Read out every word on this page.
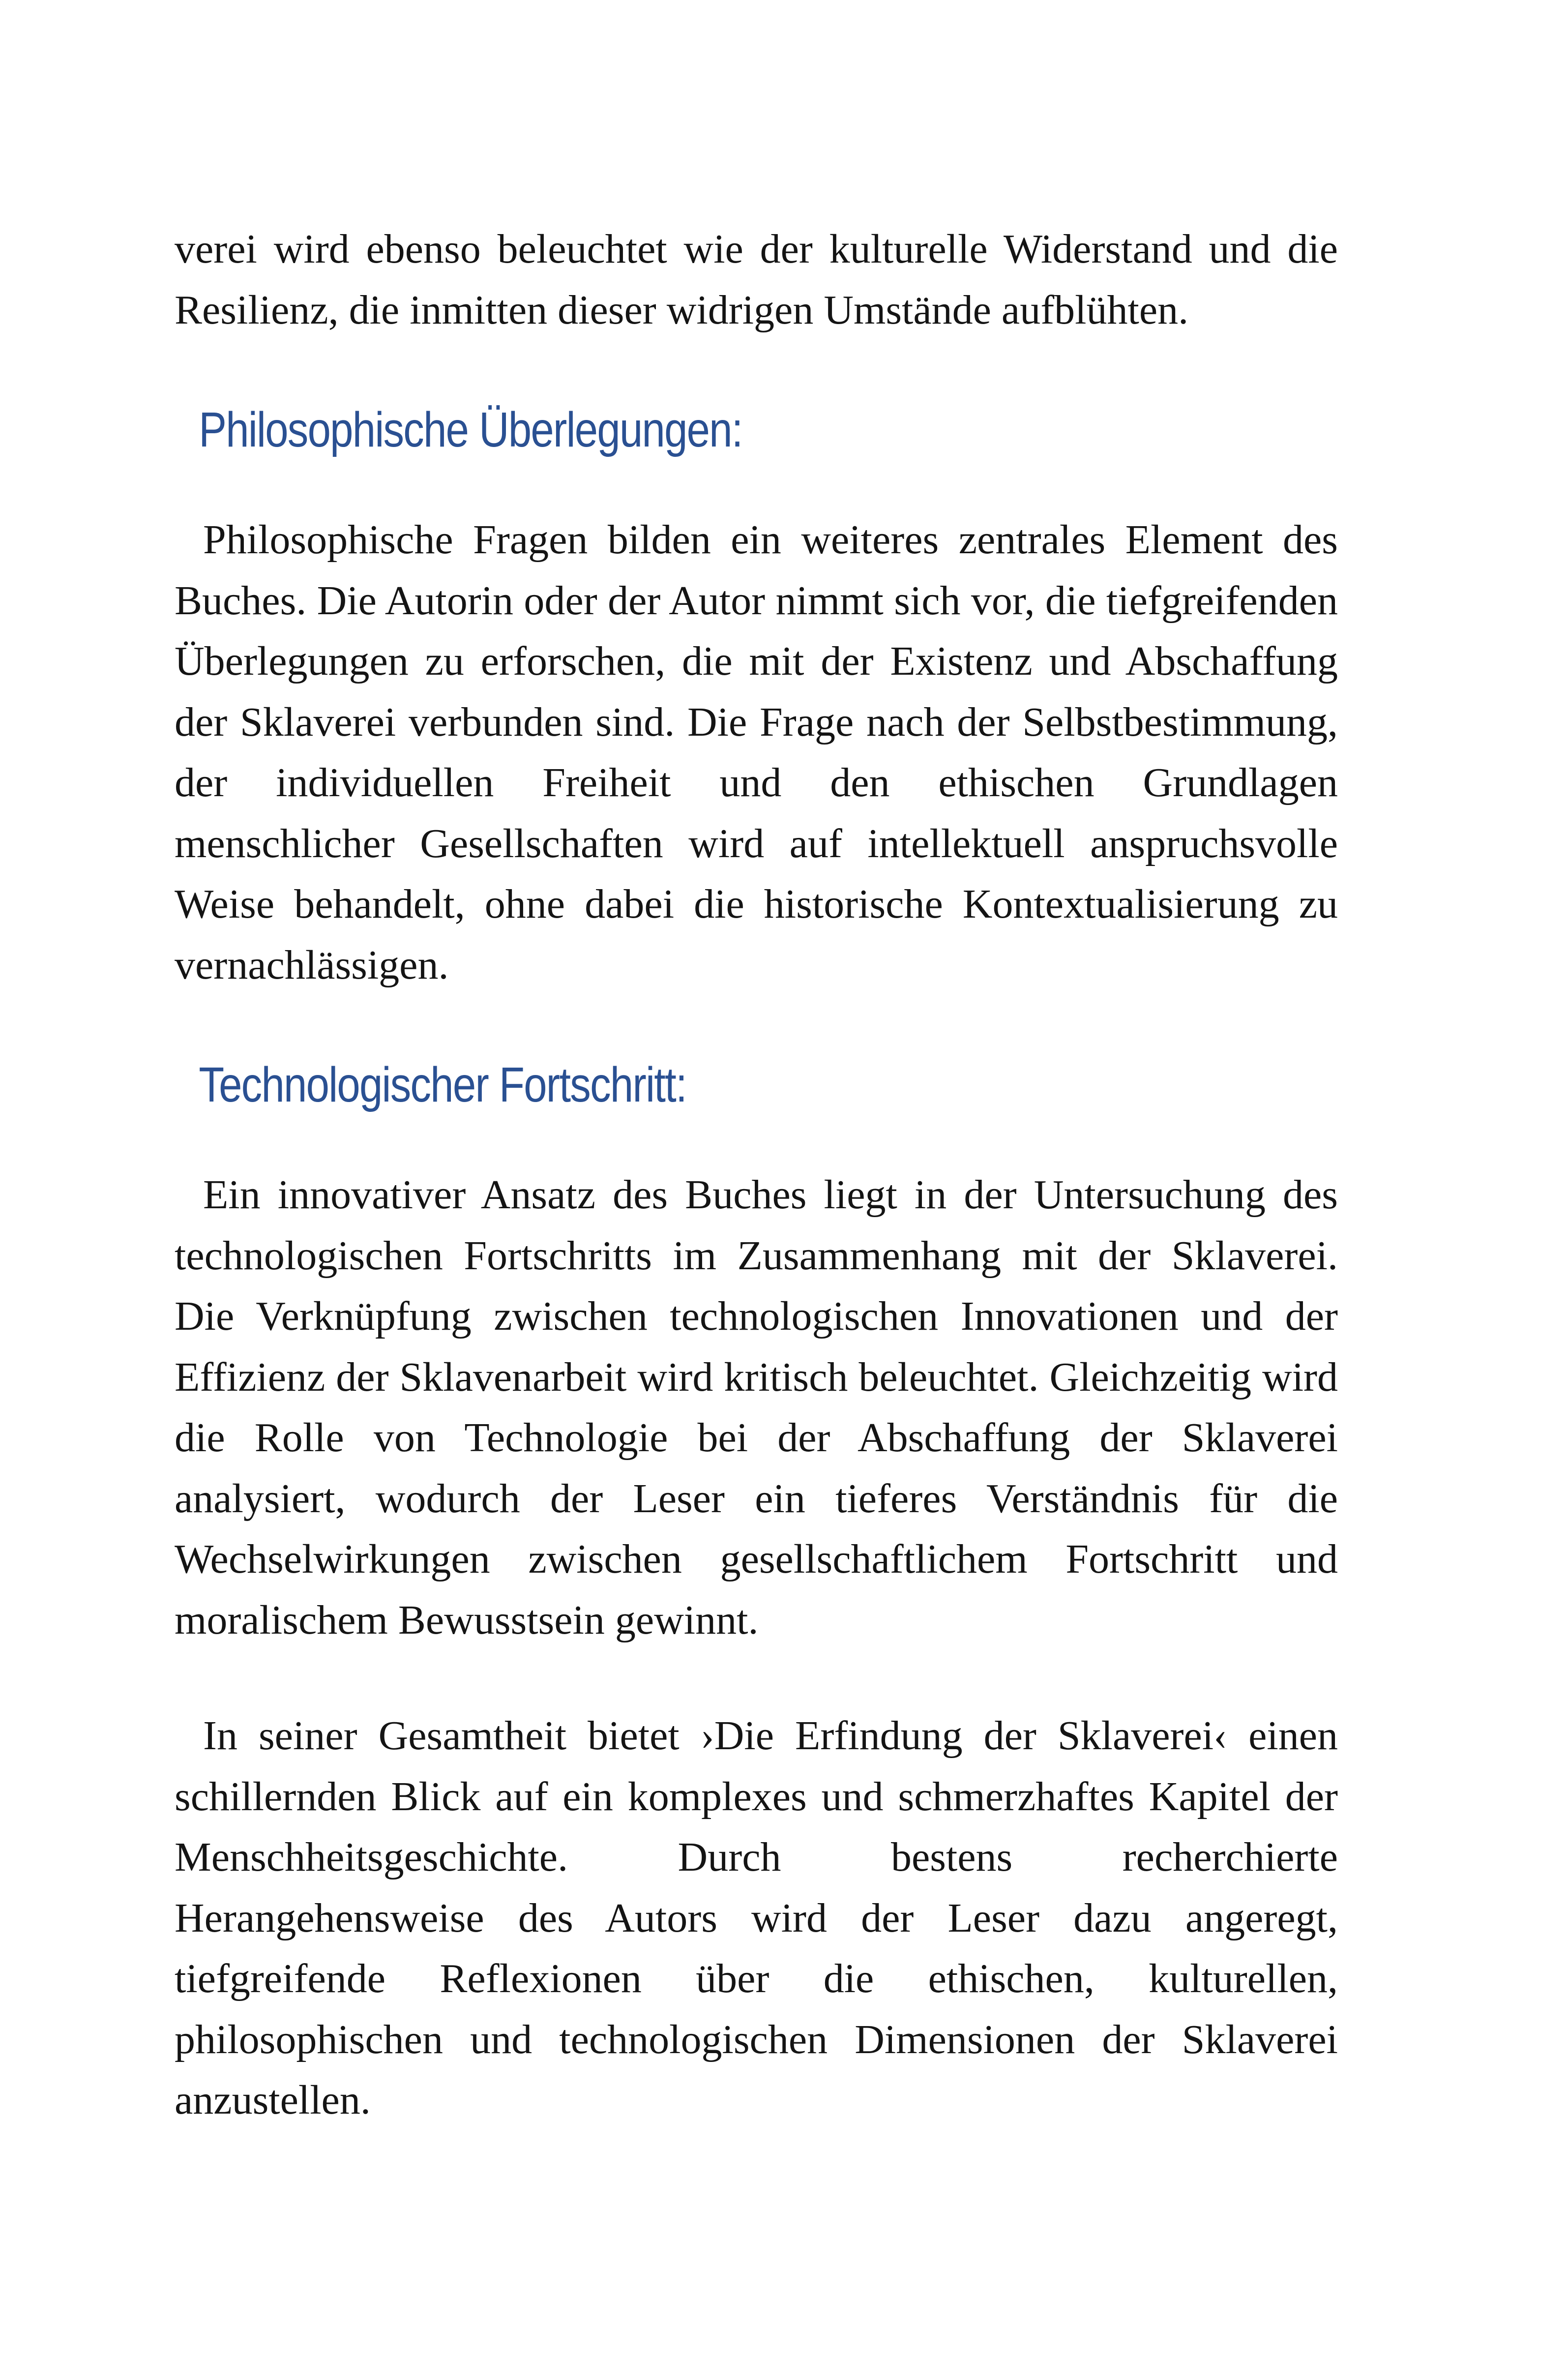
verei wird ebenso beleuchtet wie der kulturelle Widerstand und die Resilienz, die inmitten dieser widrigen Umstände aufblühten.

Philosophische Überlegungen:

Philosophische Fragen bilden ein weiteres zentrales Element des Buches. Die Autorin oder der Autor nimmt sich vor, die tiefgreifenden Überlegungen zu erforschen, die mit der Existenz und Abschaffung der Sklaverei verbunden sind. Die Frage nach der Selbstbestimmung, der individuellen Freiheit und den ethischen Grundlagen menschlicher Gesellschaften wird auf intellektuell anspruchsvolle Weise behandelt, ohne dabei die historische Kontextualisierung zu vernachlässigen.

Technologischer Fortschritt:

Ein innovativer Ansatz des Buches liegt in der Untersuchung des technologischen Fortschritts im Zusammenhang mit der Sklaverei. Die Verknüpfung zwischen technologischen Innovationen und der Effizienz der Sklavenarbeit wird kritisch beleuchtet. Gleichzeitig wird die Rolle von Technologie bei der Abschaffung der Sklaverei analysiert, wodurch der Leser ein tieferes Verständnis für die Wechselwirkungen zwischen gesellschaftlichem Fortschritt und moralischem Bewusstsein gewinnt.

In seiner Gesamtheit bietet ›Die Erfindung der Sklaverei‹ einen schillernden Blick auf ein komplexes und schmerzhaftes Kapitel der Menschheitsgeschichte. Durch bestens recherchierte Herangehensweise des Autors wird der Leser dazu angeregt, tiefgreifende Reflexionen über die ethischen, kulturellen, philosophischen und technologischen Dimensionen der Sklaverei anzustellen.
